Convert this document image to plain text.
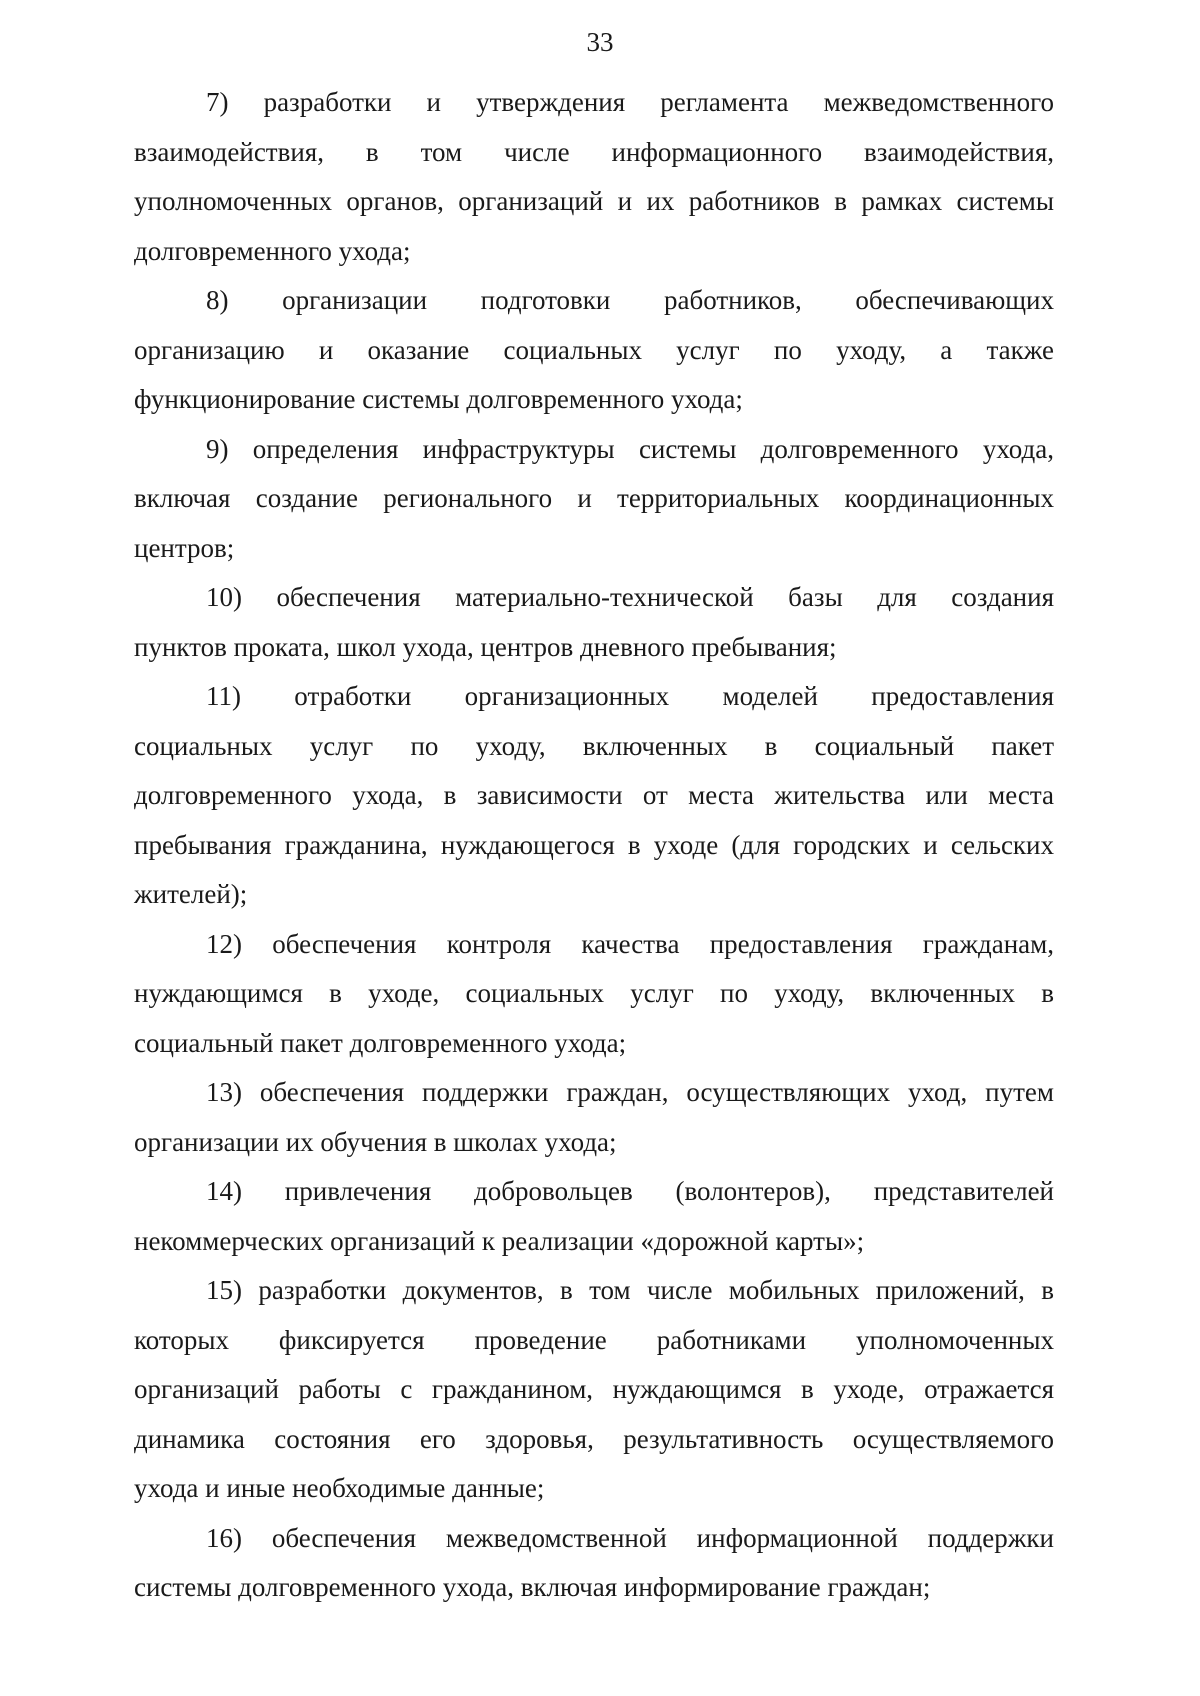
33
7) разработки и утверждения регламента межведомственного
взаимодействия, в том числе информационного взаимодействия,
уполномоченных органов, организаций и их работников в рамках системы
долговременного ухода;
8) организации подготовки работников, обеспечивающих
организацию и оказание социальных услуг по уходу, а также
функционирование системы долговременного ухода;
9) определения инфраструктуры системы долговременного ухода,
включая создание регионального и территориальных координационных
центров;
10) обеспечения материально-технической базы для создания
пунктов проката, школ ухода, центров дневного пребывания;
11) отработки организационных моделей предоставления
социальных услуг по уходу, включенных в социальный пакет
долговременного ухода, в зависимости от места жительства или места
пребывания гражданина, нуждающегося в уходе (для городских и сельских
жителей);
12) обеспечения контроля качества предоставления гражданам,
нуждающимся в уходе, социальных услуг по уходу, включенных в
социальный пакет долговременного ухода;
13) обеспечения поддержки граждан, осуществляющих уход, путем
организации их обучения в школах ухода;
14) привлечения добровольцев (волонтеров), представителей
некоммерческих организаций к реализации «дорожной карты»;
15) разработки документов, в том числе мобильных приложений, в
которых фиксируется проведение работниками уполномоченных
организаций работы с гражданином, нуждающимся в уходе, отражается
динамика состояния его здоровья, результативность осуществляемого
ухода и иные необходимые данные;
16) обеспечения межведомственной информационной поддержки
системы долговременного ухода, включая информирование граждан;
